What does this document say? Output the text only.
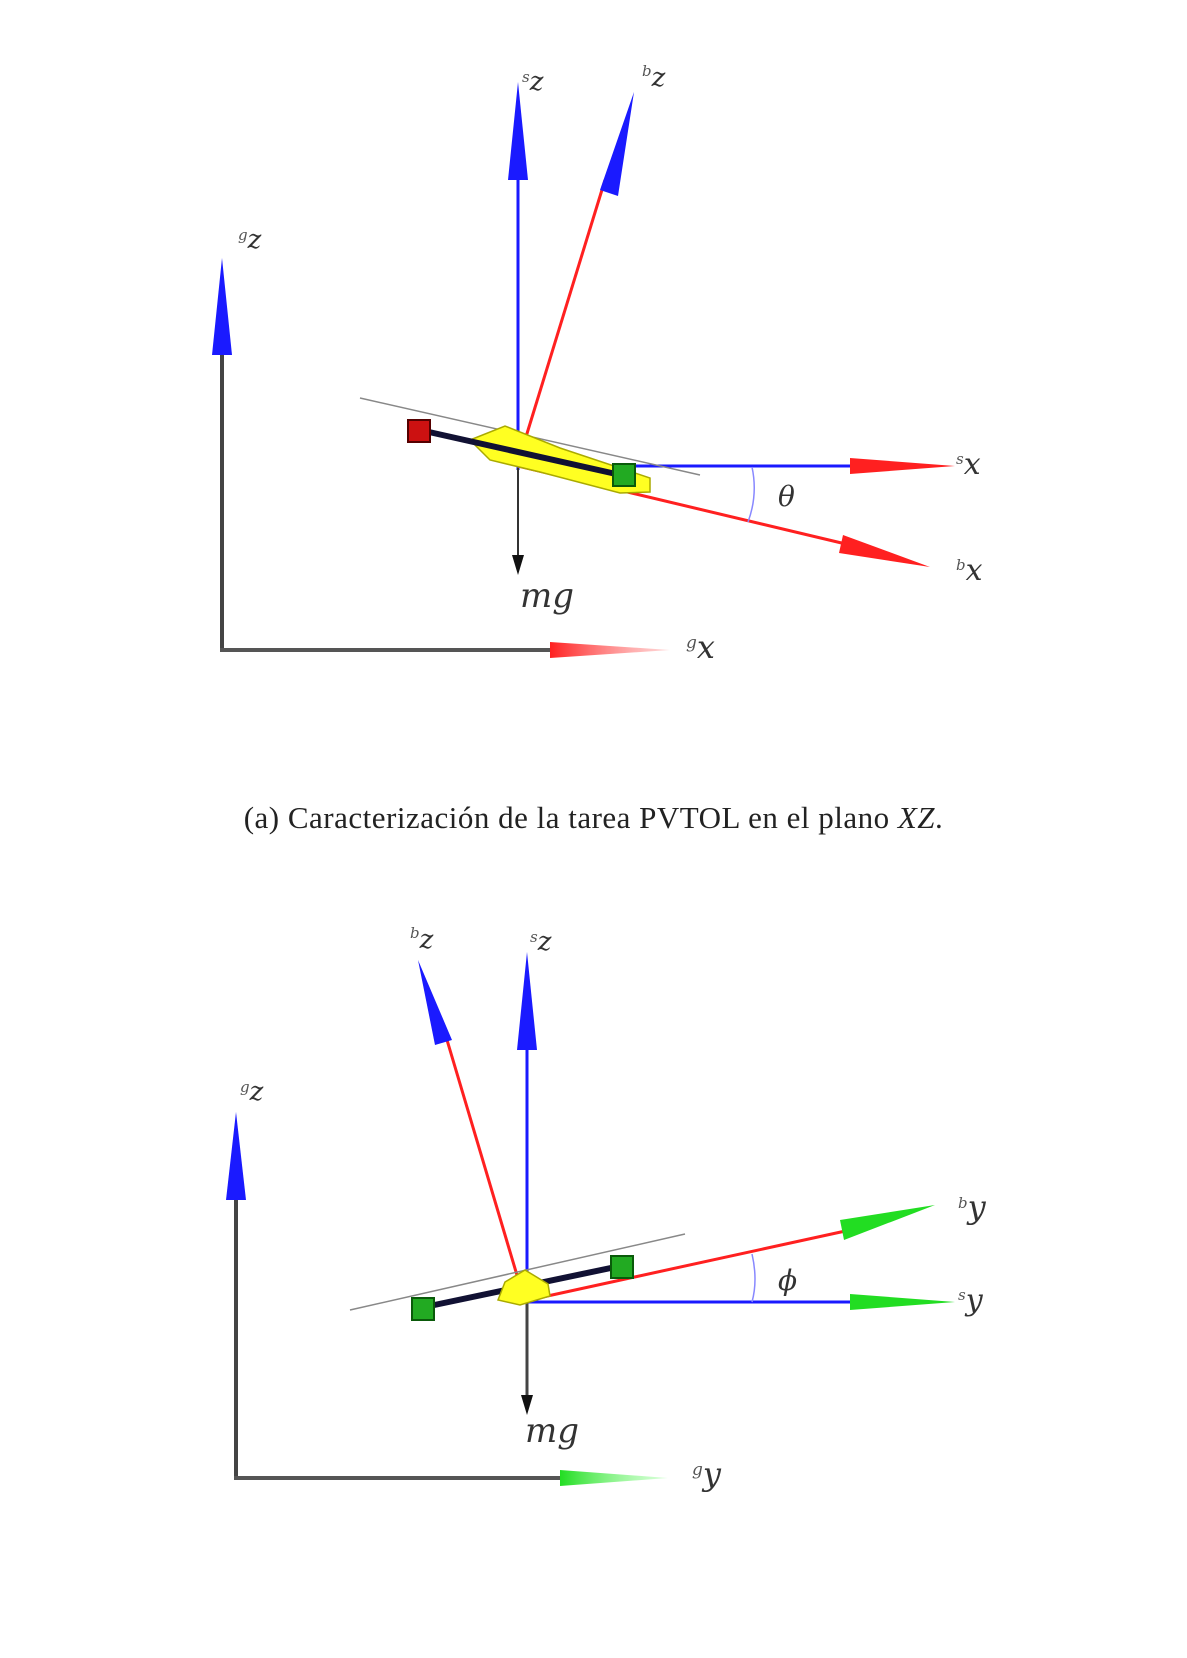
$^g$z
$^g$x
$^s$z
$^s$x
$^b$z
$^b$x
θ
mg
$^g$z
$^g$y
$^s$z
$^s$y
$^b$z
$^b$y
ϕ
mg
(a) Caracterización de la tarea PVTOL en el plano XZ.
